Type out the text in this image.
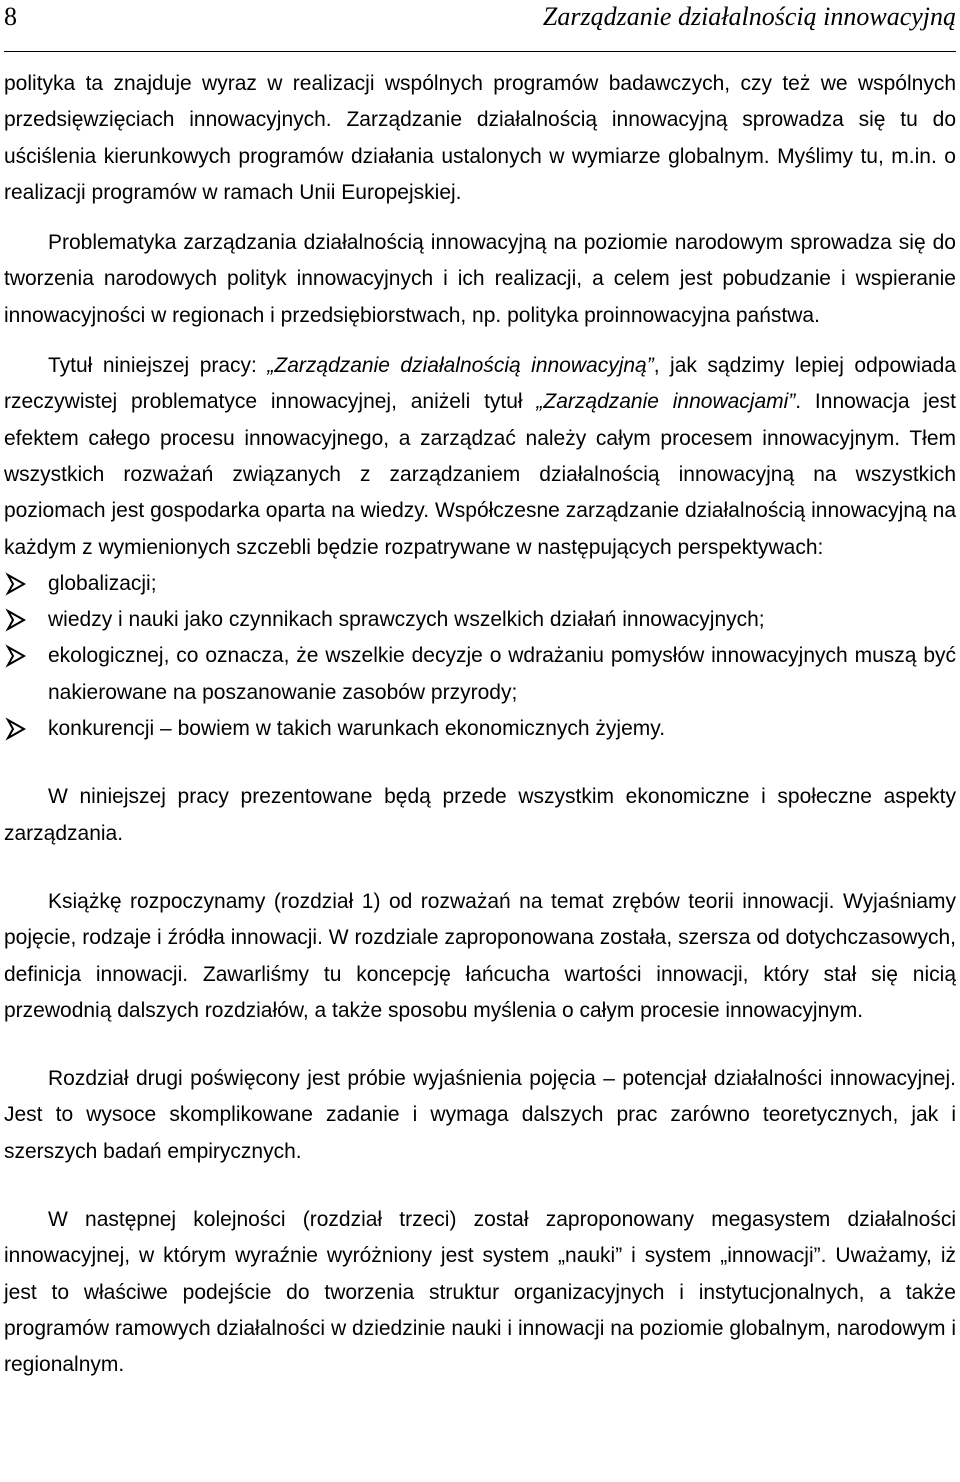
8	Zarządzanie działalnością innowacyjną

polityka ta znajduje wyraz w realizacji wspólnych programów badawczych, czy też we wspólnych przedsięwzięciach innowacyjnych. Zarządzanie działalnością innowacyjną sprowadza się tu do uściślenia kierunkowych programów działania ustalonych w wymiarze globalnym. Myślimy tu, m.in. o realizacji programów w ramach Unii Europejskiej.

Problematyka zarządzania działalnością innowacyjną na poziomie narodowym sprowadza się do tworzenia narodowych polityk innowacyjnych i ich realizacji, a celem jest pobudzanie i wspieranie innowacyjności w regionach i przedsiębiorstwach, np. polityka proinnowacyjna państwa.

Tytuł niniejszej pracy: „Zarządzanie działalnością innowacyjną”, jak sądzimy lepiej odpowiada rzeczywistej problematyce innowacyjnej, aniżeli tytuł „Zarządzanie innowacjami”. Innowacja jest efektem całego procesu innowacyjnego, a zarządzać należy całym procesem innowacyjnym. Tłem wszystkich rozważań związanych z zarządzaniem działalnością innowacyjną na wszystkich poziomach jest gospodarka oparta na wiedzy. Współczesne zarządzanie działalnością innowacyjną na każdym z wymienionych szczebli będzie rozpatrywane w następujących perspektywach:

globalizacji;
wiedzy i nauki jako czynnikach sprawczych wszelkich działań innowacyjnych;
ekologicznej, co oznacza, że wszelkie decyzje o wdrażaniu pomysłów innowacyjnych muszą być nakierowane na poszanowanie zasobów przyrody;
konkurencji – bowiem w takich warunkach ekonomicznych żyjemy.

W niniejszej pracy prezentowane będą przede wszystkim ekonomiczne i społeczne aspekty zarządzania.

Książkę rozpoczynamy (rozdział 1) od rozważań na temat zrębów teorii innowacji. Wyjaśniamy pojęcie, rodzaje i źródła innowacji. W rozdziale zaproponowana została, szersza od dotychczasowych, definicja innowacji. Zawarliśmy tu koncepcję łańcucha wartości innowacji, który stał się nicią przewodnią dalszych rozdziałów, a także sposobu myślenia o całym procesie innowacyjnym.

Rozdział drugi poświęcony jest próbie wyjaśnienia pojęcia – potencjał działalności innowacyjnej. Jest to wysoce skomplikowane zadanie i wymaga dalszych prac zarówno teoretycznych, jak i szerszych badań empirycznych.

W następnej kolejności (rozdział trzeci) został zaproponowany megasystem działalności innowacyjnej, w którym wyraźnie wyróżniony jest system „nauki” i system „innowacji”. Uważamy, iż jest to właściwe podejście do tworzenia struktur organizacyjnych i instytucjonalnych, a także programów ramowych działalności w dziedzinie nauki i innowacji na poziomie globalnym, narodowym i regionalnym.
